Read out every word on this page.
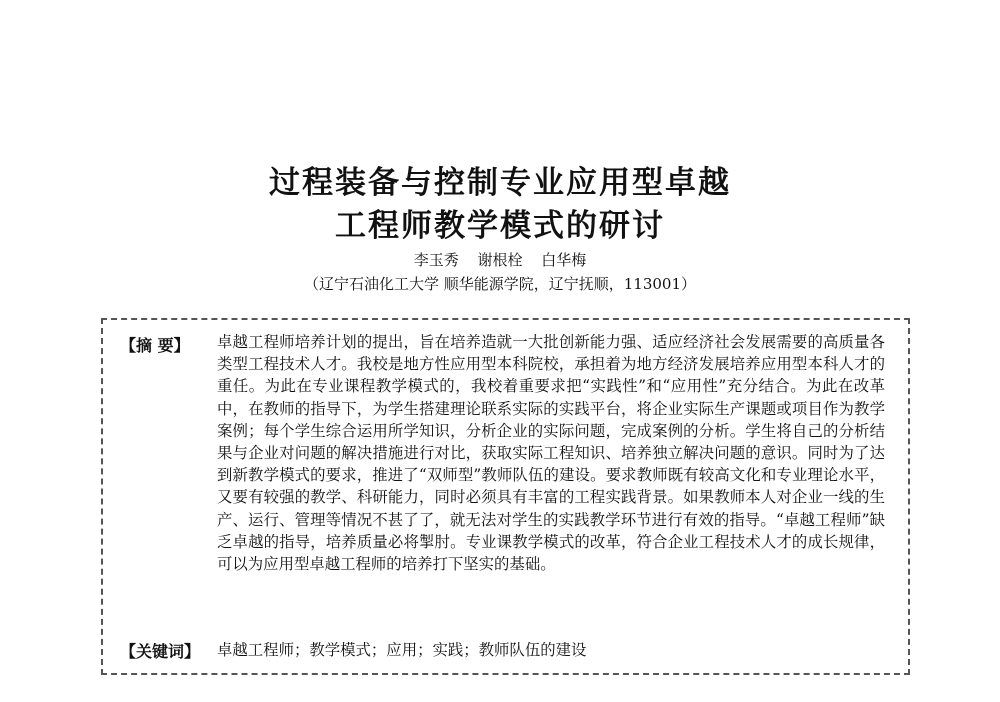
过程装备与控制专业应用型卓越
工程师教学模式的研讨
李玉秀 谢根栓 白华梅
（辽宁石油化工大学 顺华能源学院，辽宁抚顺，113001）
【摘 要】 卓越工程师培养计划的提出，旨在培养造就一大批创新能力强、适应经济社会发展需要的高质量各类型工程技术人才。我校是地方性应用型本科院校，承担着为地方经济发展培养应用型本科人才的重任。为此在专业课程教学模式的，我校着重要求把“实践性”和“应用性”充分结合。为此在改革中，在教师的指导下，为学生搭建理论联系实际的实践平台，将企业实际生产课题或项目作为教学案例；每个学生综合运用所学知识，分析企业的实际问题，完成案例的分析。学生将自己的分析结果与企业对问题的解决措施进行对比，获取实际工程知识、培养独立解决问题的意识。同时为了达到新教学模式的要求，推进了“双师型”教师队伍的建设。要求教师既有较高文化和专业理论水平，又要有较强的教学、科研能力，同时必须具有丰富的工程实践背景。如果教师本人对企业一线的生产、运行、管理等情况不甚了了，就无法对学生的实践教学环节进行有效的指导。“卓越工程师”缺乏卓越的指导，培养质量必将掣肘。专业课教学模式的改革，符合企业工程技术人才的成长规律，可以为应用型卓越工程师的培养打下坚实的基础。
【关键词】 卓越工程师；教学模式；应用；实践；教师队伍的建设
